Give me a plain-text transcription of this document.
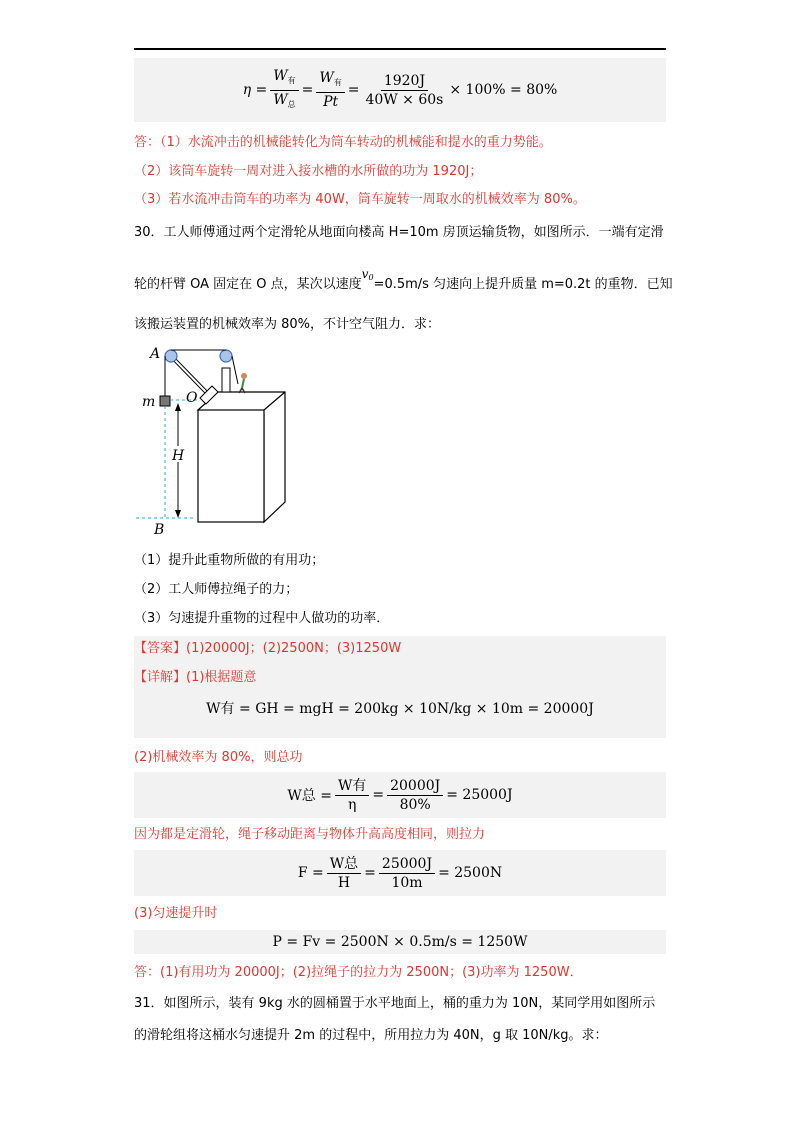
$\eta = \frac{W_有}{W_总} = \frac{W_有}{Pt} = \frac{1920J}{40W \times 60s} \times 100\% = 80\%$
答：（1）水流冲击的机械能转化为筒车转动的机械能和提水的重力势能。
（2）该筒车旋转一周对进入接水槽的水所做的功为 1920J；
（3）若水流冲击筒车的功率为 40W，筒车旋转一周取水的机械效率为 80%。
30．工人师傅通过两个定滑轮从地面向楼高 H=10m 房顶运输货物，如图所示．一端有定滑
轮的杆臂 OA 固定在 O 点，某次以速度v0=0.5m/s 匀速向上提升质量 m=0.2t 的重物．已知
该搬运装置的机械效率为 80%，不计空气阻力．求：
A
O
m
H
B
（1）提升此重物所做的有用功；
（2）工人师傅拉绳子的力；
（3）匀速提升重物的过程中人做功的功率．
【答案】(1)20000J；(2)2500N；(3)1250W
【详解】(1)根据题意
W有 = GH = mgH = 200kg × 10N/kg × 10m = 20000J
(2)机械效率为 80%，则总功
W总 = $\frac{\text{W有}}{\eta} = \frac{20000J}{80\%} = 25000J$
因为都是定滑轮，绳子移动距离与物体升高高度相同，则拉力
$F = \frac{\text{W总}}{H} = \frac{25000J}{10m} = 2500N$
(3)匀速提升时
P = Fv = 2500N × 0.5m/s = 1250W
答：(1)有用功为 20000J；(2)拉绳子的拉力为 2500N；(3)功率为 1250W．
31．如图所示，装有 9kg 水的圆桶置于水平地面上，桶的重力为 10N，某同学用如图所示
的滑轮组将这桶水匀速提升 2m 的过程中，所用拉力为 40N，g 取 10N/kg。求：
